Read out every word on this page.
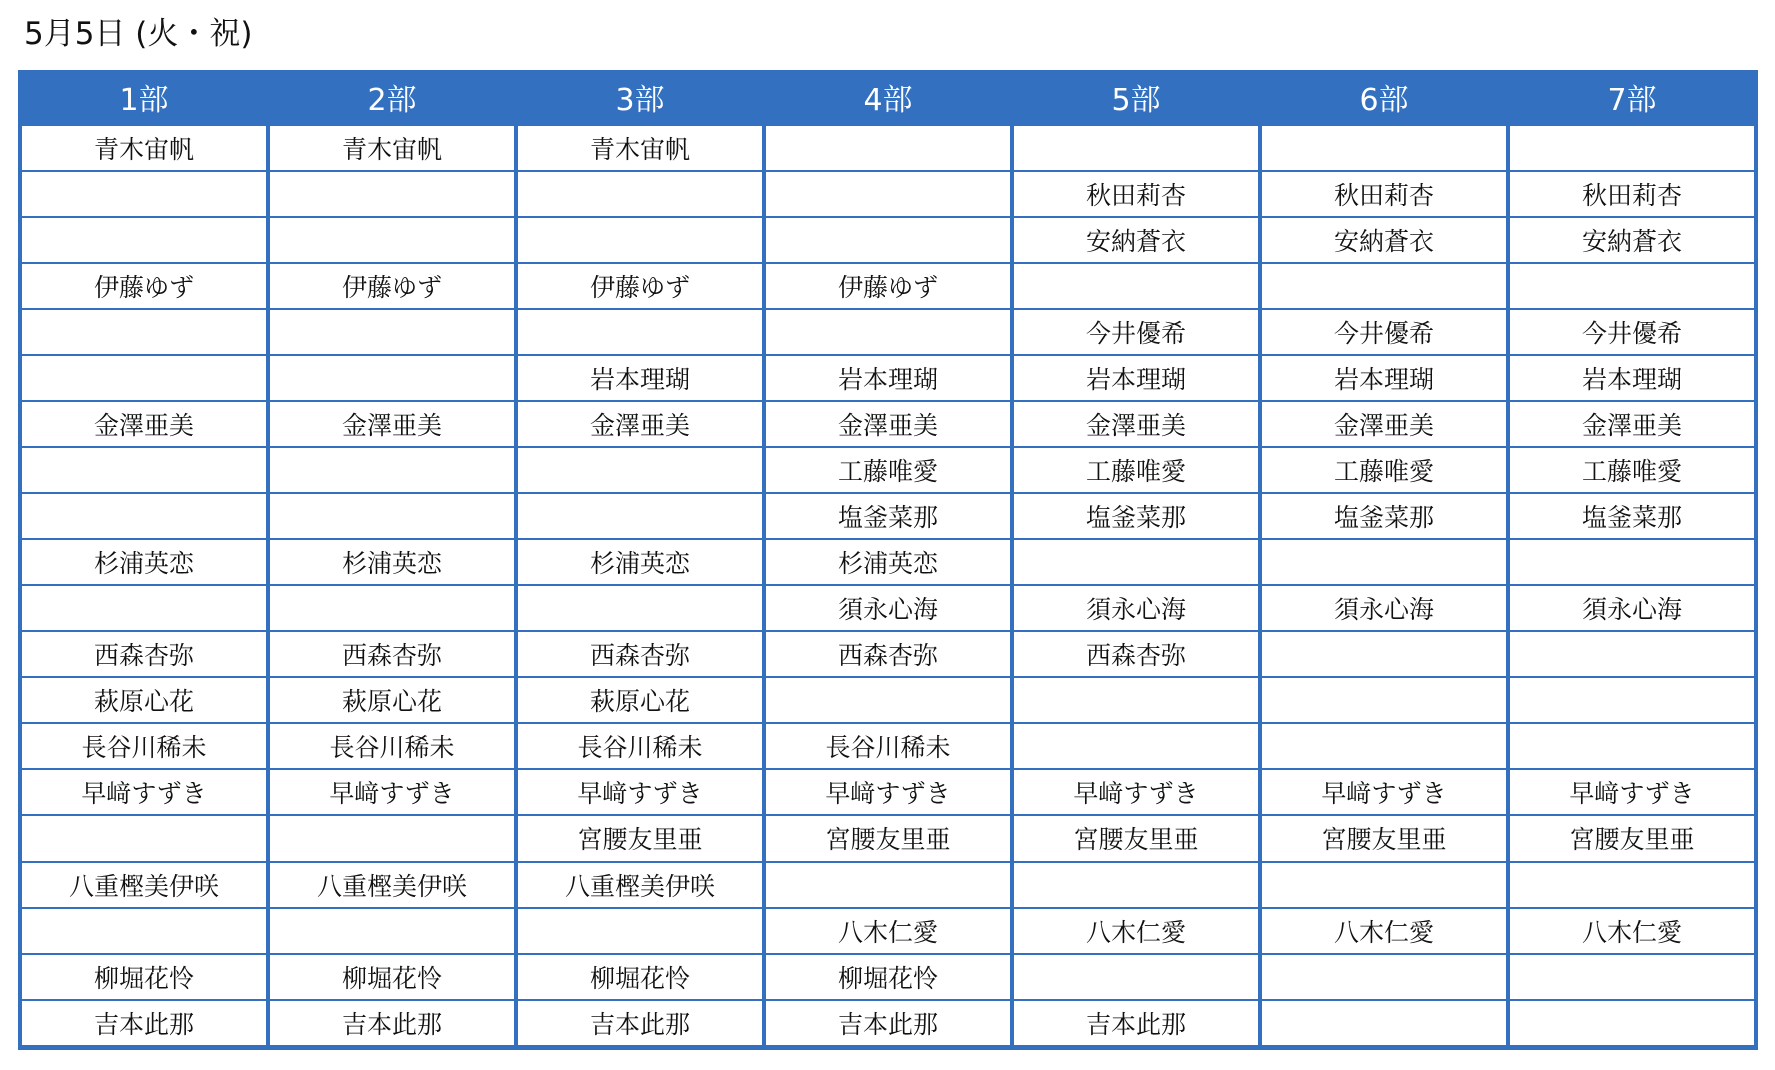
5月5日 (火・祝)
1部	2部	3部	4部	5部	6部	7部
青木宙帆	青木宙帆	青木宙帆				
				秋田莉杏	秋田莉杏	秋田莉杏
				安納蒼衣	安納蒼衣	安納蒼衣
伊藤ゆず	伊藤ゆず	伊藤ゆず	伊藤ゆず			
				今井優希	今井優希	今井優希
		岩本理瑚	岩本理瑚	岩本理瑚	岩本理瑚	岩本理瑚
金澤亜美	金澤亜美	金澤亜美	金澤亜美	金澤亜美	金澤亜美	金澤亜美
			工藤唯愛	工藤唯愛	工藤唯愛	工藤唯愛
			塩釜菜那	塩釜菜那	塩釜菜那	塩釜菜那
杉浦英恋	杉浦英恋	杉浦英恋	杉浦英恋			
			須永心海	須永心海	須永心海	須永心海
西森杏弥	西森杏弥	西森杏弥	西森杏弥	西森杏弥		
萩原心花	萩原心花	萩原心花				
長谷川稀未	長谷川稀未	長谷川稀未	長谷川稀未			
早﨑すずき	早﨑すずき	早﨑すずき	早﨑すずき	早﨑すずき	早﨑すずき	早﨑すずき
		宮腰友里亜	宮腰友里亜	宮腰友里亜	宮腰友里亜	宮腰友里亜
八重樫美伊咲	八重樫美伊咲	八重樫美伊咲				
			八木仁愛	八木仁愛	八木仁愛	八木仁愛
柳堀花怜	柳堀花怜	柳堀花怜	柳堀花怜			
吉本此那	吉本此那	吉本此那	吉本此那	吉本此那		
